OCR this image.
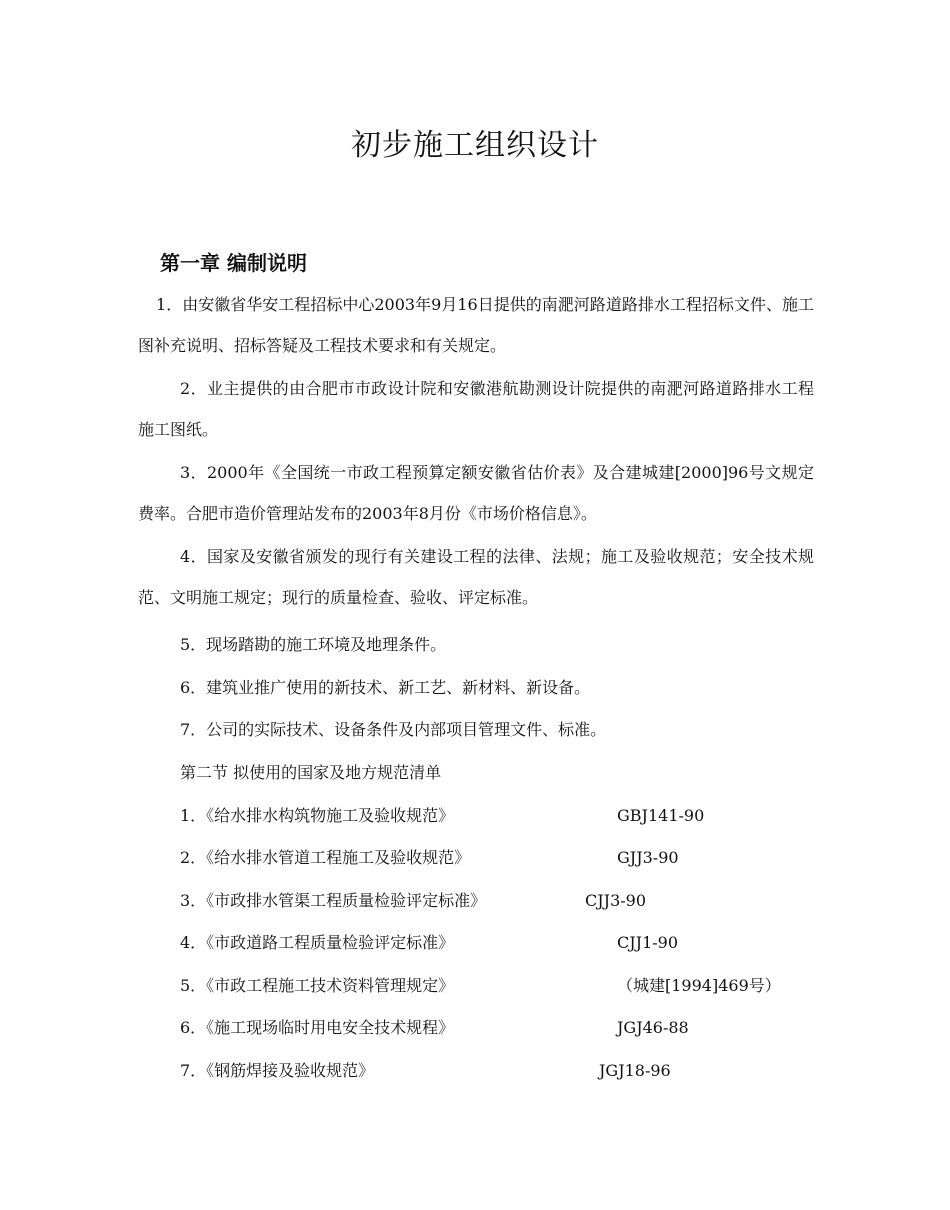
初步施工组织设计
第一章 编制说明

1．由安徽省华安工程招标中心2003年9月16日提供的南淝河路道路排水工程招标文件、施工图补充说明、招标答疑及工程技术要求和有关规定。

2．业主提供的由合肥市市政设计院和安徽港航勘测设计院提供的南淝河路道路排水工程施工图纸。

3．2000年《全国统一市政工程预算定额安徽省估价表》及合建城建[2000]96号文规定费率。合肥市造价管理站发布的2003年8月份《市场价格信息》。

4．国家及安徽省颁发的现行有关建设工程的法律、法规；施工及验收规范；安全技术规范、文明施工规定；现行的质量检查、验收、评定标准。

5．现场踏勘的施工环境及地理条件。

6．建筑业推广使用的新技术、新工艺、新材料、新设备。

7．公司的实际技术、设备条件及内部项目管理文件、标准。

第二节 拟使用的国家及地方规范清单
1．《给水排水构筑物施工及验收规范》	GBJ141-90
2．《给水排水管道工程施工及验收规范》	GJJ3-90
3．《市政排水管渠工程质量检验评定标准》	CJJ3-90
4．《市政道路工程质量检验评定标准》	CJJ1-90
5．《市政工程施工技术资料管理规定》	（城建[1994]469号）
6．《施工现场临时用电安全技术规程》	JGJ46-88
7．《钢筋焊接及验收规范》	JGJ18-96
